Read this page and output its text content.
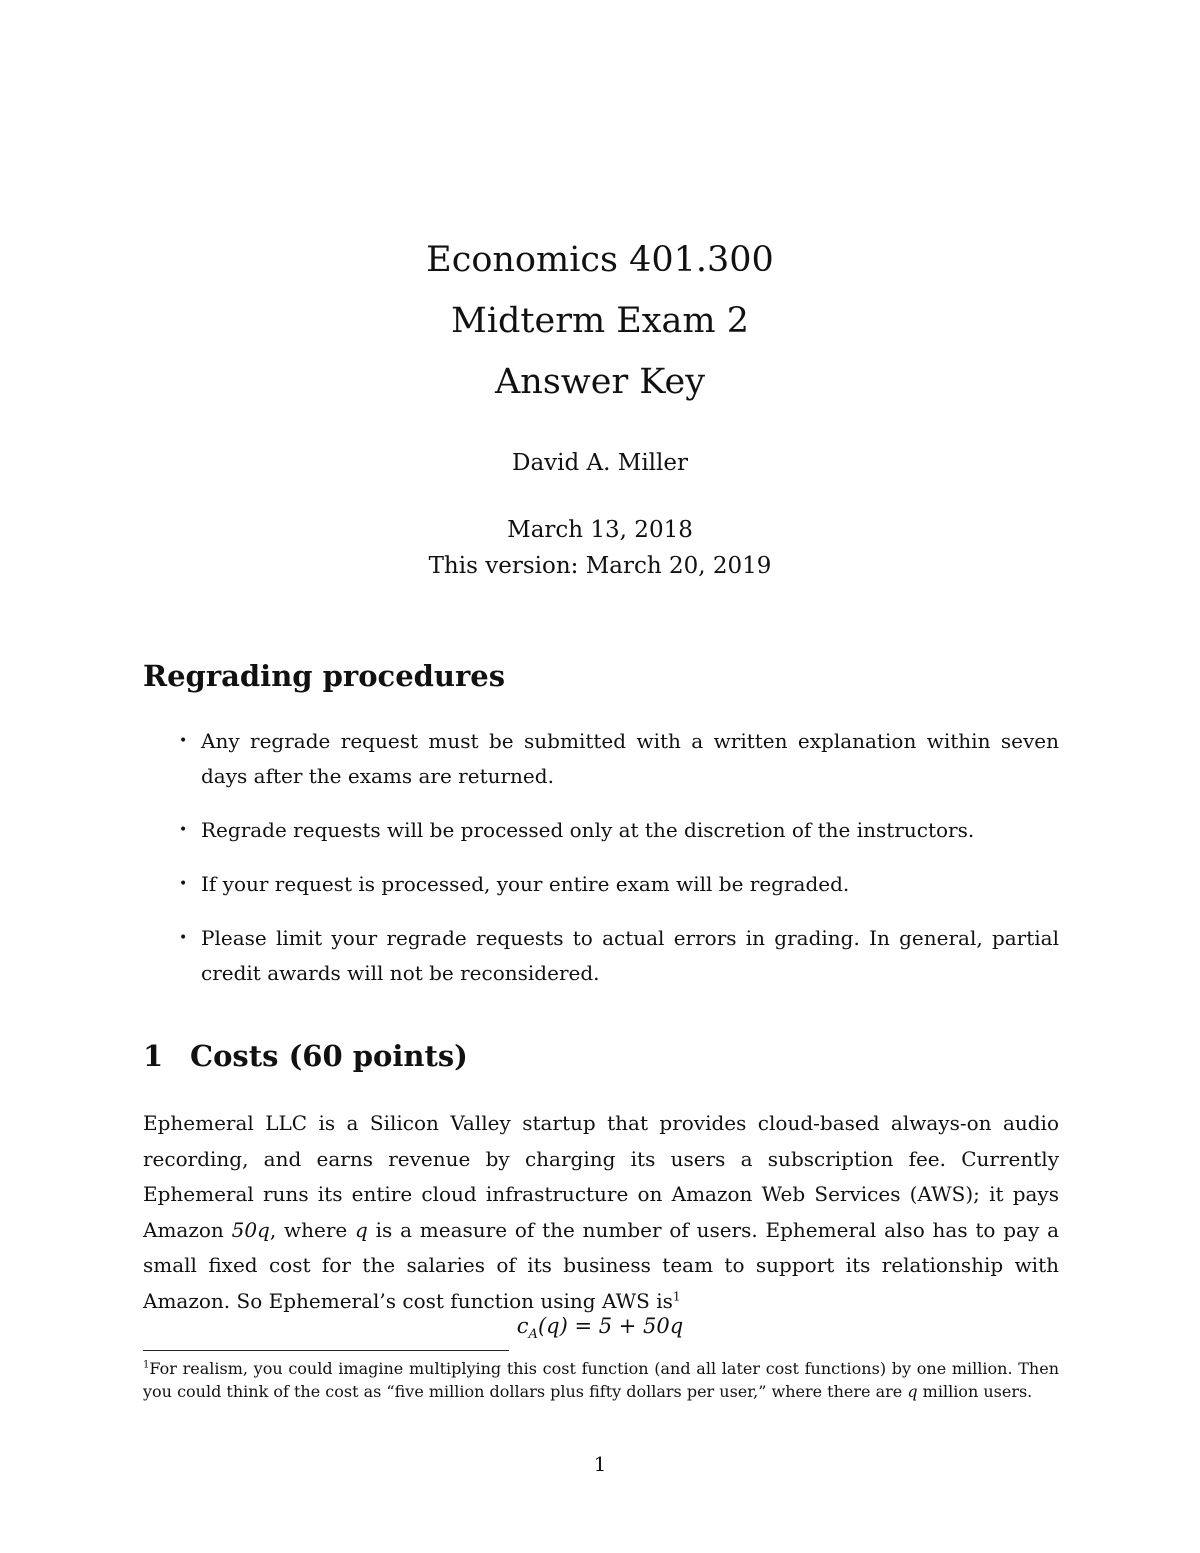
Economics 401.300

Midterm Exam 2

Answer Key

David A. Miller

March 13, 2018

This version: March 20, 2019

Regrading procedures
• Any regrade request must be submitted with a written explanation within seven days after the exams are returned.
• Regrade requests will be processed only at the discretion of the instructors.
• If your request is processed, your entire exam will be regraded.
• Please limit your regrade requests to actual errors in grading. In general, partial credit awards will not be reconsidered.
1 Costs (60 points)

Ephemeral LLC is a Silicon Valley startup that provides cloud-based always-on audio recording, and earns revenue by charging its users a subscription fee. Currently Ephemeral runs its entire cloud infrastructure on Amazon Web Services (AWS); it pays Amazon 50q, where q is a measure of the number of users. Ephemeral also has to pay a small fixed cost for the salaries of its business team to support its relationship with Amazon. So Ephemeral’s cost function using AWS $is^1$

$c_A(q) = 5 + 50q$

$^1$For realism, you could imagine multiplying this cost function (and all later cost functions) by one million. Then you could think of the cost as “five million dollars plus fifty dollars per user,” where there are q million users.

1
